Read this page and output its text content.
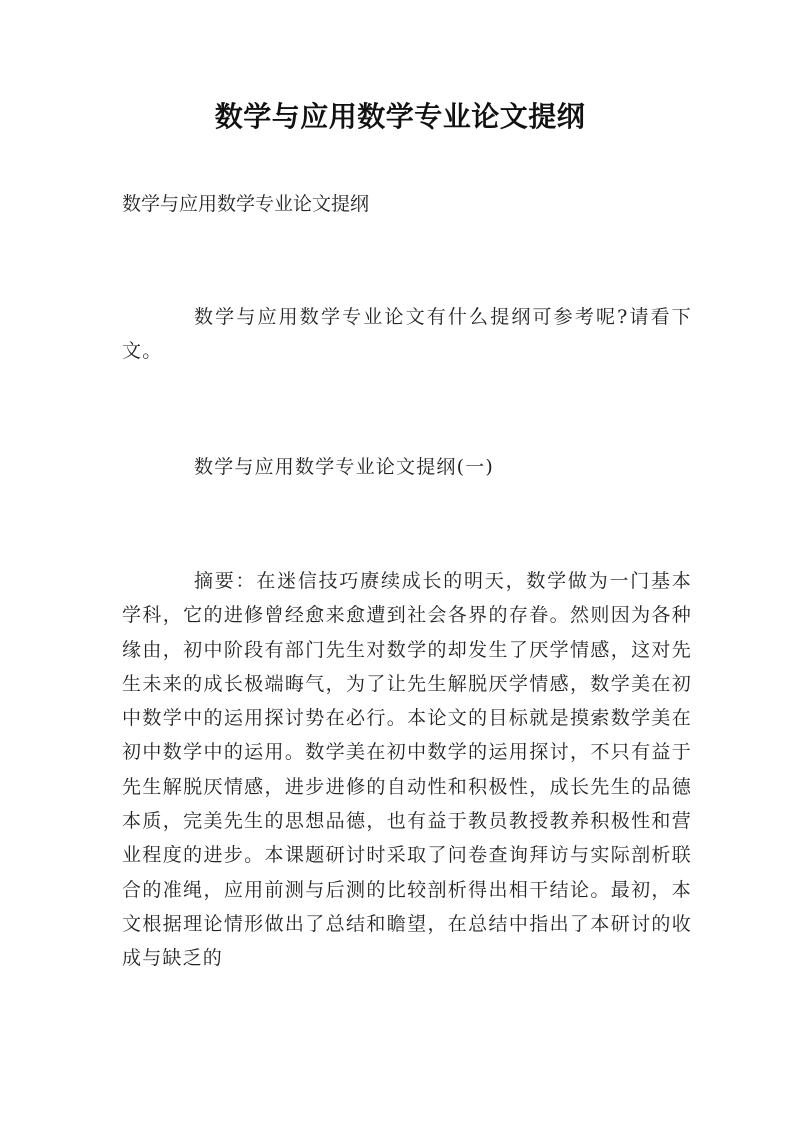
数学与应用数学专业论文提纲

数学与应用数学专业论文提纲

数学与应用数学专业论文有什么提纲可参考呢?请看下文。

数学与应用数学专业论文提纲(一)

摘要：在迷信技巧赓续成长的明天，数学做为一门基本学科，它的进修曾经愈来愈遭到社会各界的存眷。然则因为各种缘由，初中阶段有部门先生对数学的却发生了厌学情感，这对先生未来的成长极端晦气，为了让先生解脱厌学情感，数学美在初中数学中的运用探讨势在必行。本论文的目标就是摸索数学美在初中数学中的运用。数学美在初中数学的运用探讨，不只有益于先生解脱厌情感，进步进修的自动性和积极性，成长先生的品德本质，完美先生的思想品德，也有益于教员教授教养积极性和营业程度的进步。本课题研讨时采取了问卷查询拜访与实际剖析联合的准绳，应用前测与后测的比较剖析得出相干结论。最初，本文根据理论情形做出了总结和瞻望，在总结中指出了本研讨的收成与缺乏的
